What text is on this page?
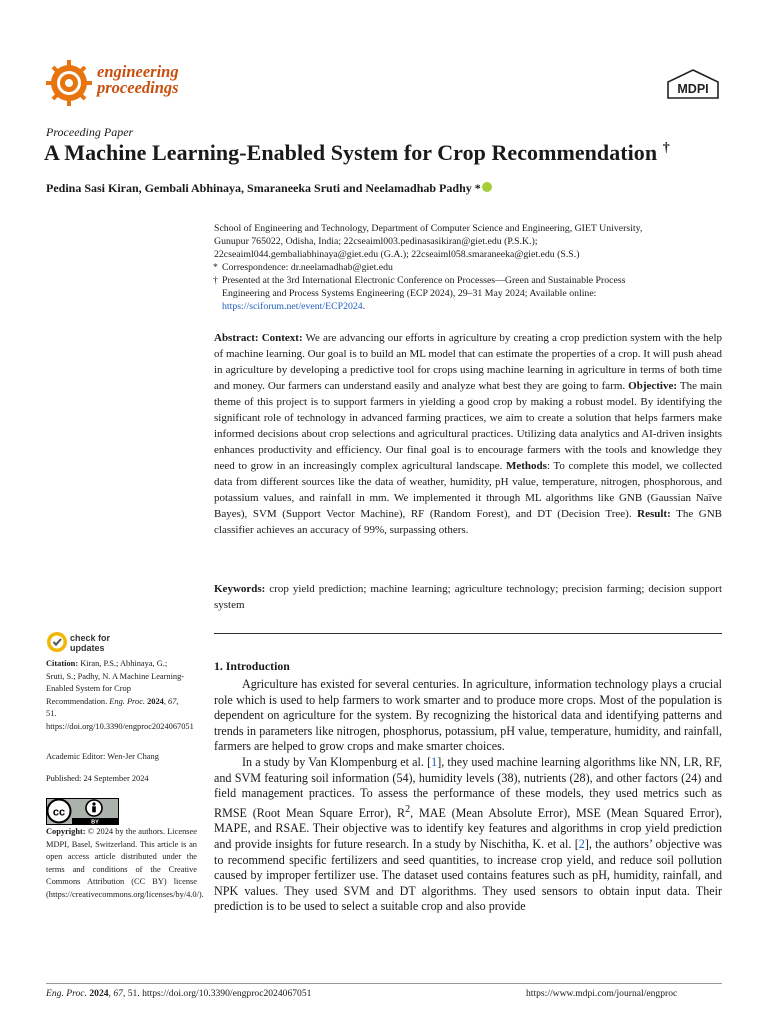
engineering
proceedings	MDPI
Proceeding Paper
A Machine Learning-Enabled System for Crop Recommendation †
Pedina Sasi Kiran, Gembali Abhinaya, Smaraneeka Sruti and Neelamadhab Padhy *
School of Engineering and Technology, Department of Computer Science and Engineering, GIET University,
Gunupur 765022, Odisha, India; 22cseaiml003.pedinasasikiran@giet.edu (P.S.K.);
22cseaiml044.gembaliabhinaya@giet.edu (G.A.); 22cseaiml058.smaraneeka@giet.edu (S.S.)
* Correspondence: dr.neelamadhab@giet.edu
† Presented at the 3rd International Electronic Conference on Processes—Green and Sustainable Process
Engineering and Process Systems Engineering (ECP 2024), 29–31 May 2024; Available online:
https://sciforum.net/event/ECP2024.
Abstract: Context: We are advancing our efforts in agriculture by creating a crop prediction system with the help of machine learning. Our goal is to build an ML model that can estimate the properties of a crop. It will push ahead in agriculture by developing a predictive tool for crops using machine learning in agriculture in terms of both time and money. Our farmers can understand easily and analyze what best they are going to farm. Objective: The main theme of this project is to support farmers in yielding a good crop by making a robust model. By identifying the significant role of technology in advanced farming practices, we aim to create a solution that helps farmers make informed decisions about crop selections and agricultural practices. Utilizing data analytics and AI-driven insights enhances productivity and efficiency. Our final goal is to encourage farmers with the tools and knowledge they need to grow in an increasingly complex agricultural landscape. Methods: To complete this model, we collected data from different sources like the data of weather, humidity, pH value, temperature, nitrogen, phosphorous, and potassium values, and rainfall in mm. We implemented it through ML algorithms like GNB (Gaussian Naïve Bayes), SVM (Support Vector Machine), RF (Random Forest), and DT (Decision Tree). Result: The GNB classifier achieves an accuracy of 99%, surpassing others.
Keywords: crop yield prediction; machine learning; agriculture technology; precision farming; decision support system
check for
updates
Citation: Kiran, P.S.; Abhinaya, G.; Sruti, S.; Padhy, N. A Machine Learning-Enabled System for Crop Recommendation. Eng. Proc. 2024, 67, 51. https://doi.org/10.3390/engproc2024067051
Academic Editor: Wen-Jer Chang
Published: 24 September 2024
cc
BY
Copyright: © 2024 by the authors. Licensee MDPI, Basel, Switzerland. This article is an open access article distributed under the terms and conditions of the Creative Commons Attribution (CC BY) license (https://creativecommons.org/licenses/by/4.0/).
1. Introduction

Agriculture has existed for several centuries. In agriculture, information technology plays a crucial role which is used to help farmers to work smarter and to produce more crops. Most of the population is dependent on agriculture for the system. By recognizing the historical data and identifying patterns and trends in parameters like nitrogen, phosphorus, potassium, pH value, temperature, humidity, and rainfall, farmers are helped to grow crops and make smarter choices.

In a study by Van Klompenburg et al. [1], they used machine learning algorithms like NN, LR, RF, and SVM featuring soil information (54), humidity levels (38), nutrients (28), and other factors (24) and field management practices. To assess the performance of these models, they used metrics such as RMSE (Root Mean Square Error), $R^2$, MAE (Mean Absolute Error), MSE (Mean Squared Error), MAPE, and RSAE. Their objective was to identify key features and algorithms in crop yield prediction and provide insights for future research. In a study by Nischitha, K. et al. [2], the authors’ objective was to recommend specific fertilizers and seed quantities, to increase crop yield, and reduce soil pollution caused by improper fertilizer use. The dataset used contains features such as pH, humidity, rainfall, and NPK values. They used SVM and DT algorithms. They used sensors to obtain input data. Their prediction is to be used to select a suitable crop and also provide

Eng. Proc. 2024, 67, 51. https://doi.org/10.3390/engproc2024067051	https://www.mdpi.com/journal/engproc
